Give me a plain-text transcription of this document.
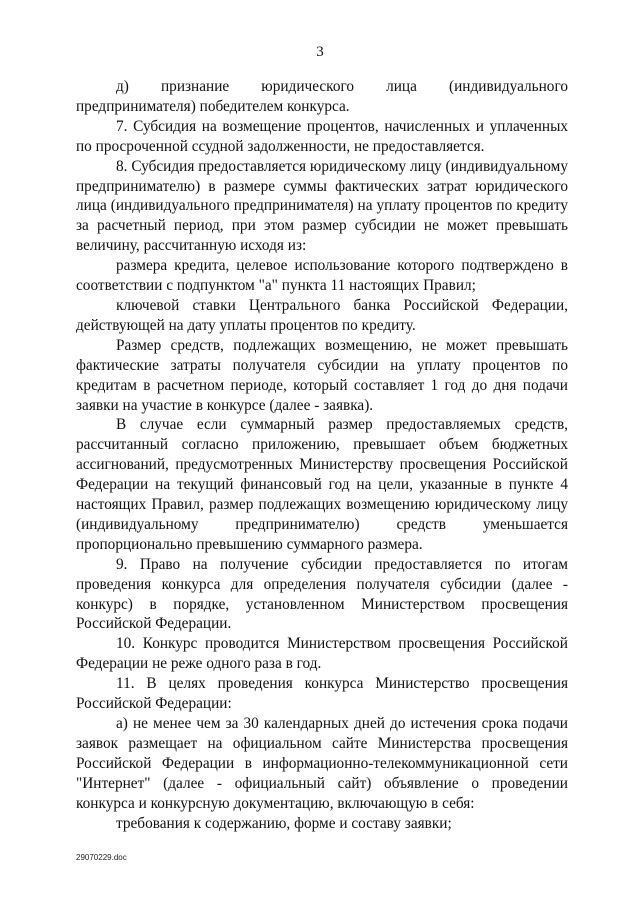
3

д) признание юридического лица (индивидуального предпринимателя) победителем конкурса.

7. Субсидия на возмещение процентов, начисленных и уплаченных по просроченной ссудной задолженности, не предоставляется.

8. Субсидия предоставляется юридическому лицу (индивидуальному предпринимателю) в размере суммы фактических затрат юридического лица (индивидуального предпринимателя) на уплату процентов по кредиту за расчетный период, при этом размер субсидии не может превышать величину, рассчитанную исходя из:

размера кредита, целевое использование которого подтверждено в соответствии с подпунктом "а" пункта 11 настоящих Правил;

ключевой ставки Центрального банка Российской Федерации, действующей на дату уплаты процентов по кредиту.

Размер средств, подлежащих возмещению, не может превышать фактические затраты получателя субсидии на уплату процентов по кредитам в расчетном периоде, который составляет 1 год до дня подачи заявки на участие в конкурсе (далее - заявка).

В случае если суммарный размер предоставляемых средств, рассчитанный согласно приложению, превышает объем бюджетных ассигнований, предусмотренных Министерству просвещения Российской Федерации на текущий финансовый год на цели, указанные в пункте 4 настоящих Правил, размер подлежащих возмещению юридическому лицу (индивидуальному предпринимателю) средств уменьшается пропорционально превышению суммарного размера.

9. Право на получение субсидии предоставляется по итогам проведения конкурса для определения получателя субсидии (далее - конкурс) в порядке, установленном Министерством просвещения Российской Федерации.

10. Конкурс проводится Министерством просвещения Российской Федерации не реже одного раза в год.

11. В целях проведения конкурса Министерство просвещения Российской Федерации:

а) не менее чем за 30 календарных дней до истечения срока подачи заявок размещает на официальном сайте Министерства просвещения Российской Федерации в информационно-телекоммуникационной сети "Интернет" (далее - официальный сайт) объявление о проведении конкурса и конкурсную документацию, включающую в себя:

требования к содержанию, форме и составу заявки;

29070229.doc
